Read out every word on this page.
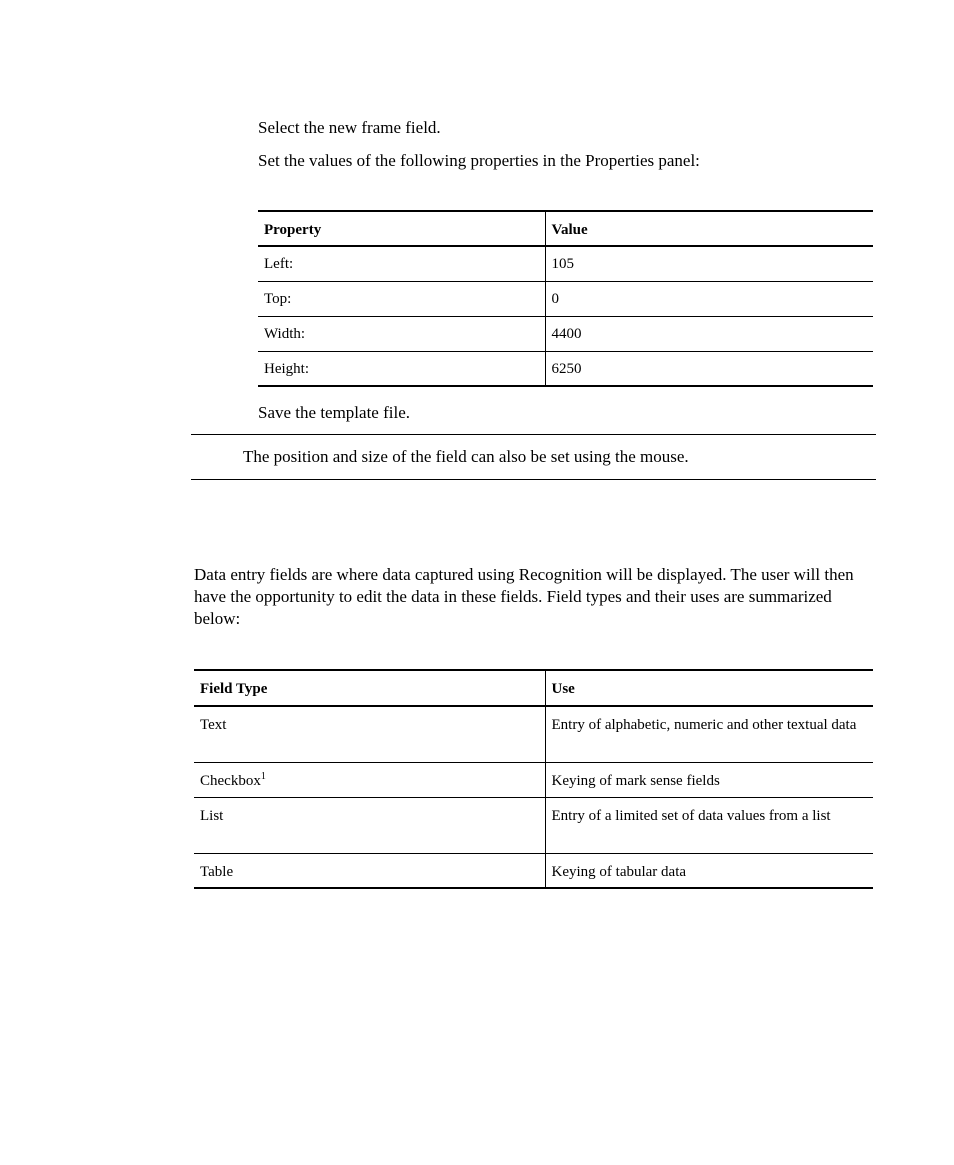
Select the new frame field.
Set the values of the following properties in the Properties panel:
Property	Value
Left:	105
Top:	0
Width:	4400
Height:	6250
Save the template file.
The position and size of the field can also be set using the mouse.
Data entry fields are where data captured using Recognition will be displayed. The user will then have the opportunity to edit the data in these fields. Field types and their uses are summarized below:
Field Type	Use
Text	Entry of alphabetic, numeric and other textual data
Checkbox$^1$	Keying of mark sense fields
List	Entry of a limited set of data values from a list
Table	Keying of tabular data
